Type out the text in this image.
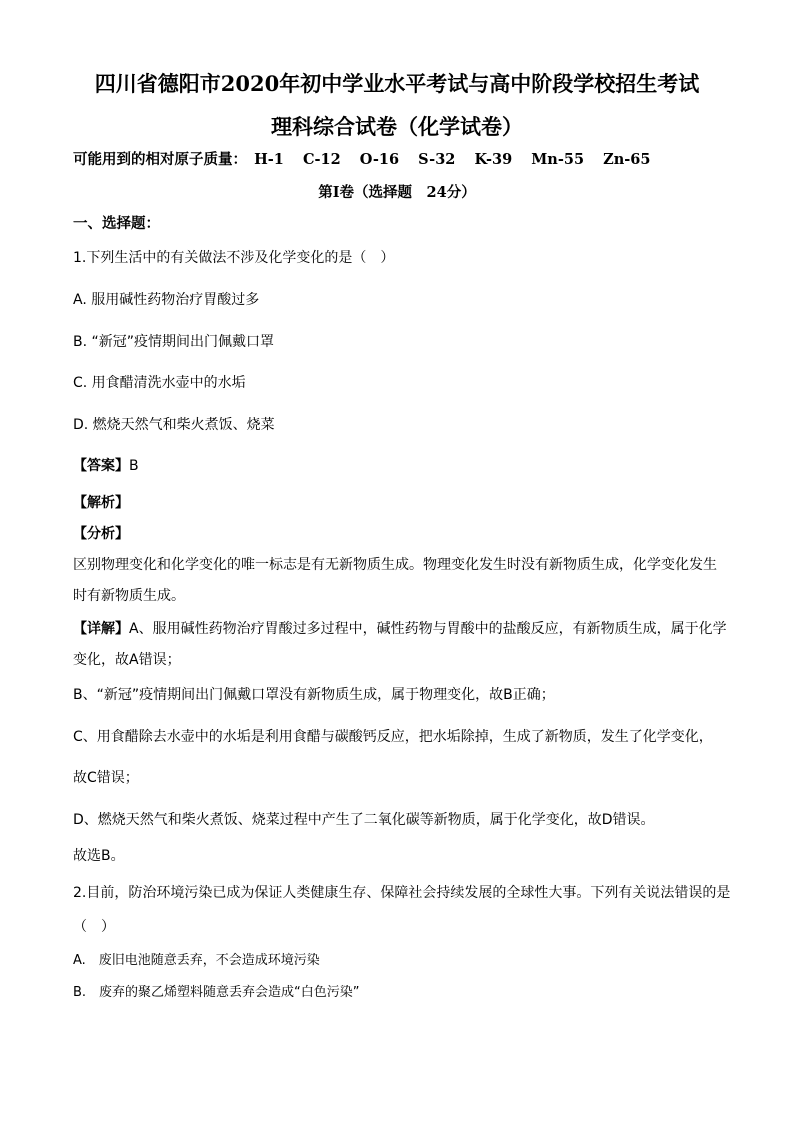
四川省德阳市2020年初中学业水平考试与高中阶段学校招生考试
理科综合试卷（化学试卷）
可能用到的相对原子质量： H-1 C-12 O-16 S-32 K-39 Mn-55 Zn-65
第Ⅰ卷（选择题　24分）
一、选择题：
1.下列生活中的有关做法不涉及化学变化的是（　）
A. 服用碱性药物治疗胃酸过多
B. “新冠”疫情期间出门佩戴口罩
C. 用食醋清洗水壶中的水垢
D. 燃烧天然气和柴火煮饭、烧菜
【答案】B
【解析】
【分析】
区别物理变化和化学变化的唯一标志是有无新物质生成。物理变化发生时没有新物质生成，化学变化发生
时有新物质生成。
【详解】A、服用碱性药物治疗胃酸过多过程中，碱性药物与胃酸中的盐酸反应，有新物质生成，属于化学
变化，故A错误；
B、“新冠”疫情期间出门佩戴口罩没有新物质生成，属于物理变化，故B正确；
C、用食醋除去水壶中的水垢是利用食醋与碳酸钙反应，把水垢除掉，生成了新物质，发生了化学变化，
故C错误；
D、燃烧天然气和柴火煮饭、烧菜过程中产生了二氧化碳等新物质，属于化学变化，故D错误。
故选B。
2.目前，防治环境污染已成为保证人类健康生存、保障社会持续发展的全球性大事。下列有关说法错误的是
（　）
A.　废旧电池随意丢弃，不会造成环境污染
B.　废弃的聚乙烯塑料随意丢弃会造成“白色污染”
